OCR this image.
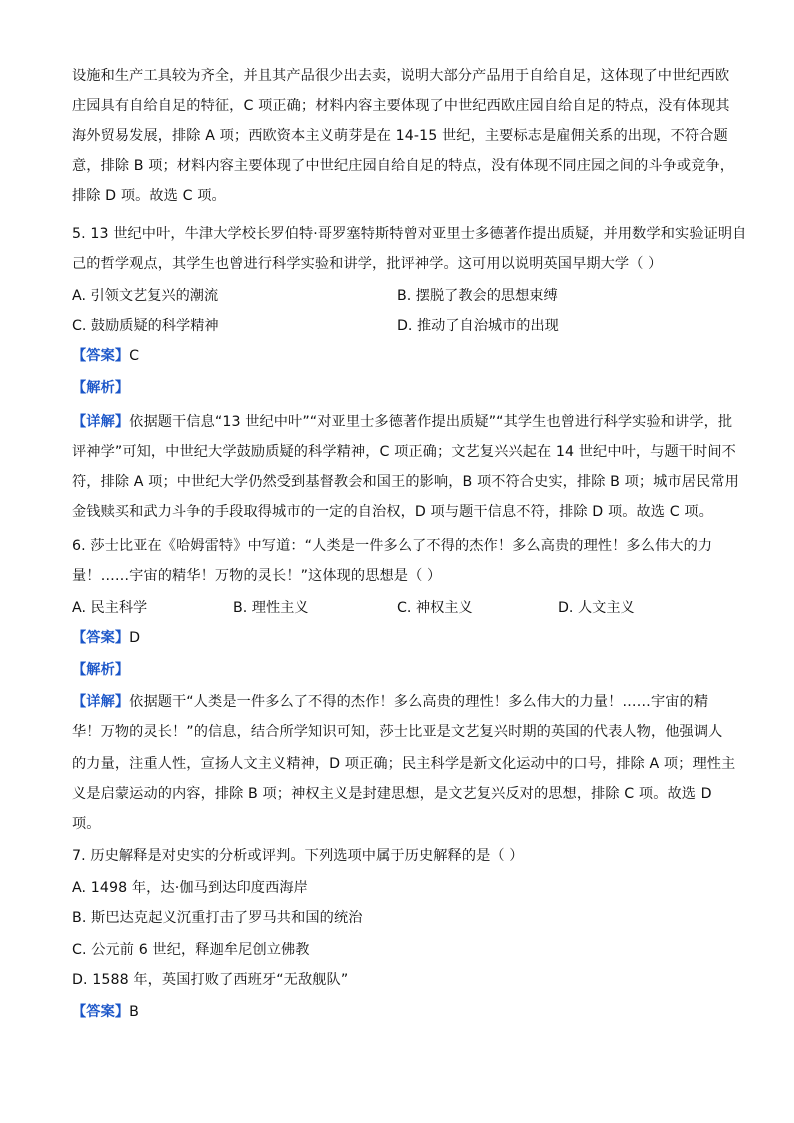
设施和生产工具较为齐全，并且其产品很少出去卖，说明大部分产品用于自给自足，这体现了中世纪西欧
庄园具有自给自足的特征，C 项正确；材料内容主要体现了中世纪西欧庄园自给自足的特点，没有体现其
海外贸易发展，排除 A 项；西欧资本主义萌芽是在 14-15 世纪，主要标志是雇佣关系的出现，不符合题
意，排除 B 项；材料内容主要体现了中世纪庄园自给自足的特点，没有体现不同庄园之间的斗争或竞争，
排除 D 项。故选 C 项。
5. 13 世纪中叶，牛津大学校长罗伯特·哥罗塞特斯特曾对亚里士多德著作提出质疑，并用数学和实验证明自
己的哲学观点，其学生也曾进行科学实验和讲学，批评神学。这可用以说明英国早期大学（ ）
A. 引领文艺复兴的潮流	B. 摆脱了教会的思想束缚
C. 鼓励质疑的科学精神	D. 推动了自治城市的出现
【答案】C
【解析】
【详解】依据题干信息“13 世纪中叶”“对亚里士多德著作提出质疑”“其学生也曾进行科学实验和讲学，批
评神学”可知，中世纪大学鼓励质疑的科学精神，C 项正确；文艺复兴兴起在 14 世纪中叶，与题干时间不
符，排除 A 项；中世纪大学仍然受到基督教会和国王的影响，B 项不符合史实，排除 B 项；城市居民常用
金钱赎买和武力斗争的手段取得城市的一定的自治权，D 项与题干信息不符，排除 D 项。故选 C 项。
6. 莎士比亚在《哈姆雷特》中写道：“人类是一件多么了不得的杰作！多么高贵的理性！多么伟大的力
量！……宇宙的精华！万物的灵长！”这体现的思想是（ ）
A. 民主科学	B. 理性主义	C. 神权主义	D. 人文主义
【答案】D
【解析】
【详解】依据题干“人类是一件多么了不得的杰作！多么高贵的理性！多么伟大的力量！……宇宙的精
华！万物的灵长！”的信息，结合所学知识可知，莎士比亚是文艺复兴时期的英国的代表人物，他强调人
的力量，注重人性，宣扬人文主义精神，D 项正确；民主科学是新文化运动中的口号，排除 A 项；理性主
义是启蒙运动的内容，排除 B 项；神权主义是封建思想，是文艺复兴反对的思想，排除 C 项。故选 D
项。
7. 历史解释是对史实的分析或评判。下列选项中属于历史解释的是（ ）
A. 1498 年，达·伽马到达印度西海岸
B. 斯巴达克起义沉重打击了罗马共和国的统治
C. 公元前 6 世纪，释迦牟尼创立佛教
D. 1588 年，英国打败了西班牙“无敌舰队”
【答案】B
